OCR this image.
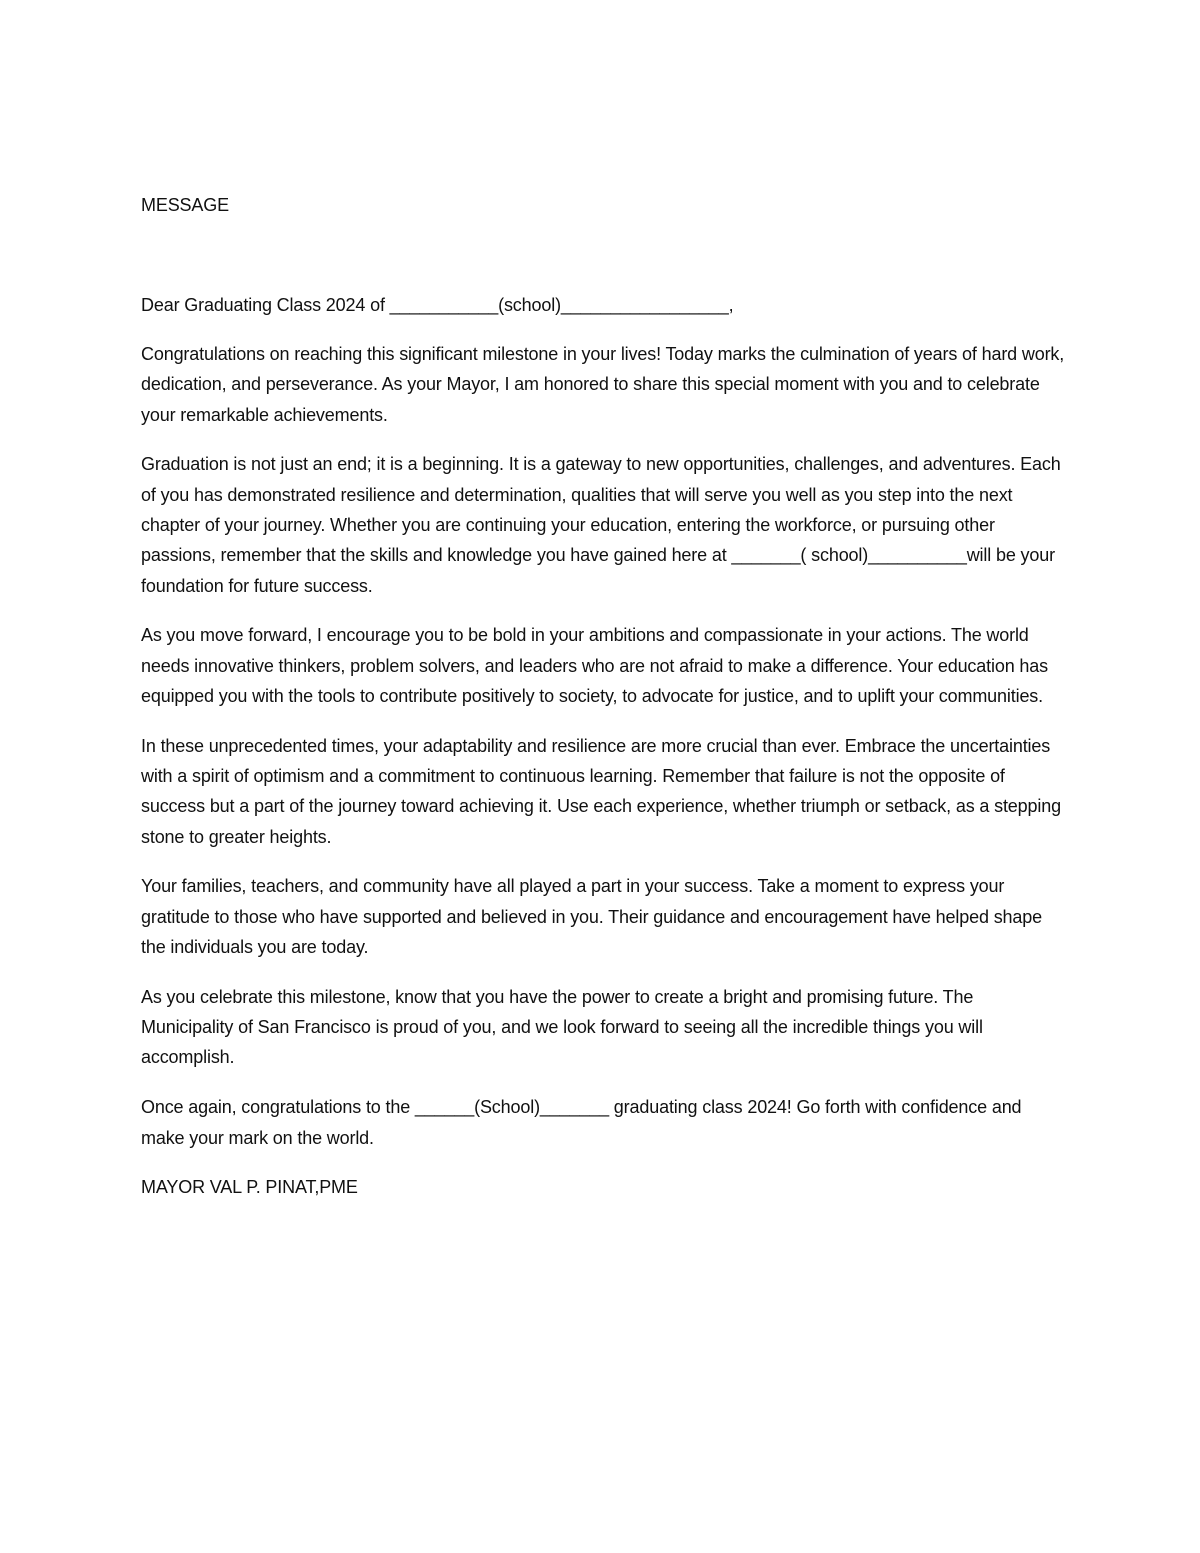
MESSAGE

Dear Graduating Class 2024 of ___________(school)_________________,

Congratulations on reaching this significant milestone in your lives! Today marks the culmination of years of hard work, dedication, and perseverance. As your Mayor, I am honored to share this special moment with you and to celebrate your remarkable achievements.

Graduation is not just an end; it is a beginning. It is a gateway to new opportunities, challenges, and adventures. Each of you has demonstrated resilience and determination, qualities that will serve you well as you step into the next chapter of your journey. Whether you are continuing your education, entering the workforce, or pursuing other passions, remember that the skills and knowledge you have gained here at _______( school)__________will be your foundation for future success.

As you move forward, I encourage you to be bold in your ambitions and compassionate in your actions. The world needs innovative thinkers, problem solvers, and leaders who are not afraid to make a difference. Your education has equipped you with the tools to contribute positively to society, to advocate for justice, and to uplift your communities.

In these unprecedented times, your adaptability and resilience are more crucial than ever. Embrace the uncertainties with a spirit of optimism and a commitment to continuous learning. Remember that failure is not the opposite of success but a part of the journey toward achieving it. Use each experience, whether triumph or setback, as a stepping stone to greater heights.

Your families, teachers, and community have all played a part in your success. Take a moment to express your gratitude to those who have supported and believed in you. Their guidance and encouragement have helped shape the individuals you are today.

As you celebrate this milestone, know that you have the power to create a bright and promising future. The Municipality of San Francisco is proud of you, and we look forward to seeing all the incredible things you will accomplish.

Once again, congratulations to the ______(School)_______ graduating class 2024! Go forth with confidence and make your mark on the world.

MAYOR VAL P. PINAT,PME
